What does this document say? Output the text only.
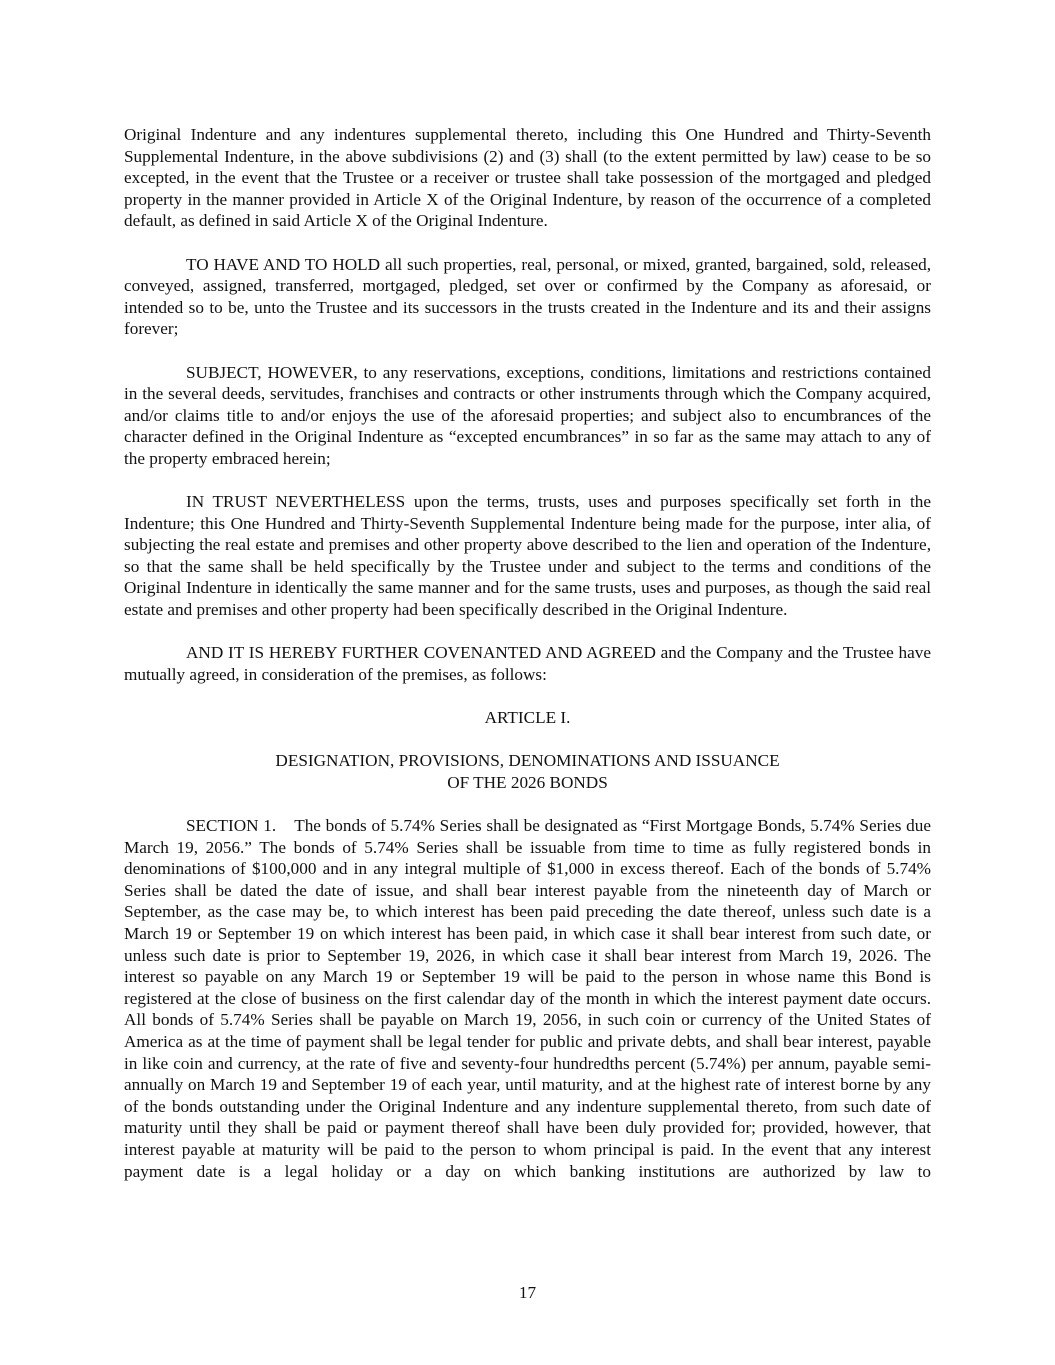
Original Indenture and any indentures supplemental thereto, including this One Hundred and Thirty-Seventh Supplemental Indenture, in the above subdivisions (2) and (3) shall (to the extent permitted by law) cease to be so excepted, in the event that the Trustee or a receiver or trustee shall take possession of the mortgaged and pledged property in the manner provided in Article X of the Original Indenture, by reason of the occurrence of a completed default, as defined in said Article X of the Original Indenture.

TO HAVE AND TO HOLD all such properties, real, personal, or mixed, granted, bargained, sold, released, conveyed, assigned, transferred, mortgaged, pledged, set over or confirmed by the Company as aforesaid, or intended so to be, unto the Trustee and its successors in the trusts created in the Indenture and its and their assigns forever;

SUBJECT, HOWEVER, to any reservations, exceptions, conditions, limitations and restrictions contained in the several deeds, servitudes, franchises and contracts or other instruments through which the Company acquired, and/or claims title to and/or enjoys the use of the aforesaid properties; and subject also to encumbrances of the character defined in the Original Indenture as “excepted encumbrances” in so far as the same may attach to any of the property embraced herein;

IN TRUST NEVERTHELESS upon the terms, trusts, uses and purposes specifically set forth in the Indenture; this One Hundred and Thirty-Seventh Supplemental Indenture being made for the purpose, inter alia, of subjecting the real estate and premises and other property above described to the lien and operation of the Indenture, so that the same shall be held specifically by the Trustee under and subject to the terms and conditions of the Original Indenture in identically the same manner and for the same trusts, uses and purposes, as though the said real estate and premises and other property had been specifically described in the Original Indenture.

AND IT IS HEREBY FURTHER COVENANTED AND AGREED and the Company and the Trustee have mutually agreed, in consideration of the premises, as follows:

ARTICLE I.
DESIGNATION, PROVISIONS, DENOMINATIONS AND ISSUANCE
OF THE 2026 BONDS

SECTION 1. The bonds of 5.74% Series shall be designated as “First Mortgage Bonds, 5.74% Series due March 19, 2056.” The bonds of 5.74% Series shall be issuable from time to time as fully registered bonds in denominations of $100,000 and in any integral multiple of $1,000 in excess thereof. Each of the bonds of 5.74% Series shall be dated the date of issue, and shall bear interest payable from the nineteenth day of March or September, as the case may be, to which interest has been paid preceding the date thereof, unless such date is a March 19 or September 19 on which interest has been paid, in which case it shall bear interest from such date, or unless such date is prior to September 19, 2026, in which case it shall bear interest from March 19, 2026. The interest so payable on any March 19 or September 19 will be paid to the person in whose name this Bond is registered at the close of business on the first calendar day of the month in which the interest payment date occurs. All bonds of 5.74% Series shall be payable on March 19, 2056, in such coin or currency of the United States of America as at the time of payment shall be legal tender for public and private debts, and shall bear interest, payable in like coin and currency, at the rate of five and seventy-four hundredths percent (5.74%) per annum, payable semi-annually on March 19 and September 19 of each year, until maturity, and at the highest rate of interest borne by any of the bonds outstanding under the Original Indenture and any indenture supplemental thereto, from such date of maturity until they shall be paid or payment thereof shall have been duly provided for; provided, however, that interest payable at maturity will be paid to the person to whom principal is paid. In the event that any interest payment date is a legal holiday or a day on which banking institutions are authorized by law to

17
